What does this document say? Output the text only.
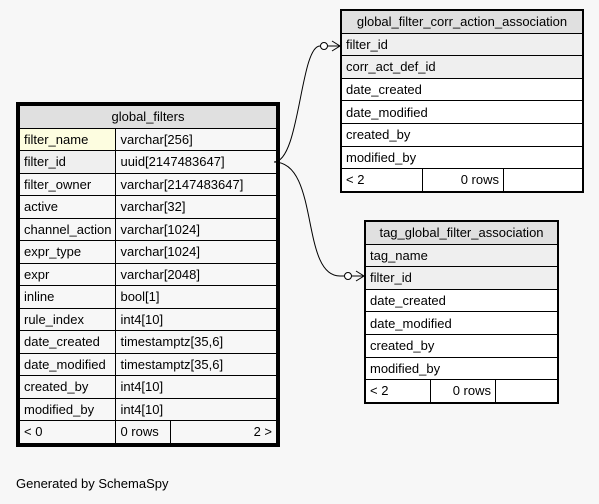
global_filters		
filter_name	varchar[256]	
filter_id	uuid[2147483647]	
filter_owner	varchar[2147483647]	
active	varchar[32]	
channel_action	varchar[1024]	
expr_type	varchar[1024]	
expr	varchar[2048]	
inline	bool[1]	
rule_index	int4[10]	
date_created	timestamptz[35,6]	
date_modified	timestamptz[35,6]	
created_by	int4[10]	
modified_by	int4[10]	
< 0	0 rows	2 >
global_filter_corr_action_association
filter_id
corr_act_def_id
date_created
date_modified
created_by
modified_by
< 2	0 rows	
tag_global_filter_association
tag_name
filter_id
date_created
date_modified
created_by
modified_by
< 2	0 rows	
Generated by SchemaSpy
